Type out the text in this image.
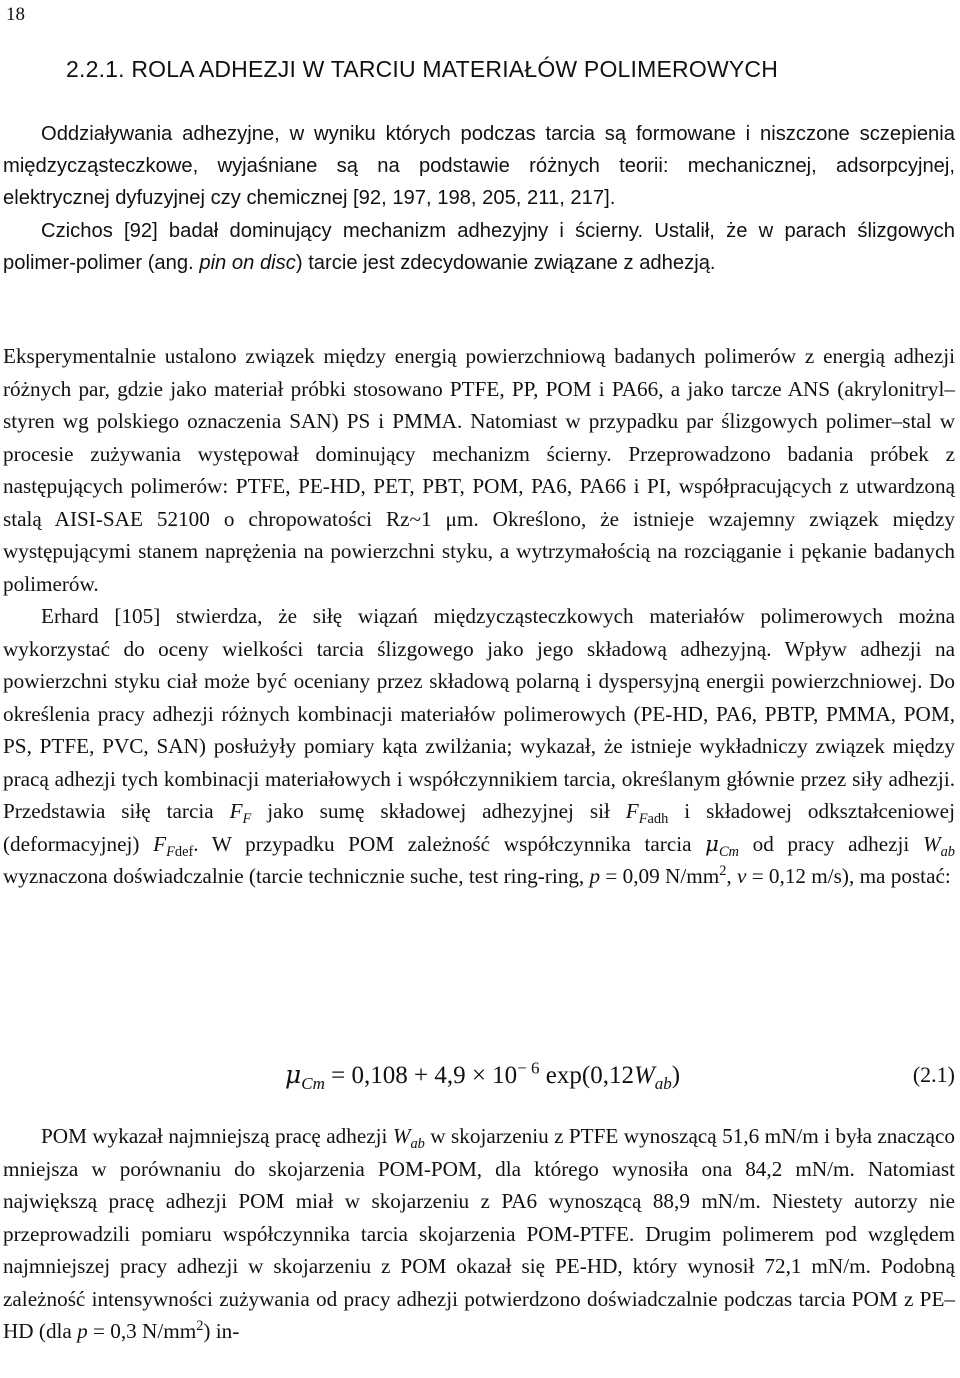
18
2.2.1. ROLA ADHEZJI W TARCIU MATERIAŁÓW POLIMEROWYCH

Oddziaływania adhezyjne, w wyniku których podczas tarcia są formowane i niszczone sczepienia międzycząsteczkowe, wyjaśniane są na podstawie różnych teorii: mechanicznej, adsorpcyjnej, elektrycznej dyfuzyjnej czy chemicznej [92, 197, 198, 205, 211, 217].

Czichos [92] badał dominujący mechanizm adhezyjny i ścierny. Ustalił, że w parach ślizgowych polimer-polimer (ang. pin on disc) tarcie jest zdecydowanie związane z adhezją.

Eksperymentalnie ustalono związek między energią powierzchniową badanych polimerów z energią adhezji różnych par, gdzie jako materiał próbki stosowano PTFE, PP, POM i PA66, a jako tarcze ANS (akrylonitryl–styren wg polskiego oznaczenia SAN) PS i PMMA. Natomiast w przypadku par ślizgowych polimer–stal w procesie zużywania występował dominujący mechanizm ścierny. Przeprowadzono badania próbek z następujących polimerów: PTFE, PE-HD, PET, PBT, POM, PA6, PA66 i PI, współpracujących z utwardzoną stalą AISI-SAE 52100 o chropowatości Rz~1 μm. Określono, że istnieje wzajemny związek między występującymi stanem naprężenia na powierzchni styku, a wytrzymałością na rozciąganie i pękanie badanych polimerów.

Erhard [105] stwierdza, że siłę wiązań międzycząsteczkowych materiałów polimerowych można wykorzystać do oceny wielkości tarcia ślizgowego jako jego składową adhezyjną. Wpływ adhezji na powierzchni styku ciał może być oceniany przez składową polarną i dyspersyjną energii powierzchniowej. Do określenia pracy adhezji różnych kombinacji materiałów polimerowych (PE-HD, PA6, PBTP, PMMA, POM, PS, PTFE, PVC, SAN) posłużyły pomiary kąta zwilżania; wykazał, że istnieje wykładniczy związek między pracą adhezji tych kombinacji materiałowych i współczynnikiem tarcia, określanym głównie przez siły adhezji. Przedstawia siłę tarcia $F_F$ jako sumę składowej adhezyjnej sił $F_{Fadh}$ i składowej odkształceniowej (deformacyjnej) $F_{Fdef}$. W przypadku POM zależność współczynnika tarcia $\mu_{Cm}$ od pracy adhezji $W_{ab}$ wyznaczona doświadczalnie (tarcie technicznie suche, test ring-ring, p = 0,09 $N/mm^2$, v = 0,12 m/s), ma postać:

$\mu_{Cm} = 0,108 + 4,9 \times 10^{- 6}$ $\exp(0,12W_{ab})$	(2.1)

POM wykazał najmniejszą pracę adhezji $W_{ab}$ w skojarzeniu z PTFE wynoszącą 51,6 mN/m i była znacząco mniejsza w porównaniu do skojarzenia POM-POM, dla którego wynosiła ona 84,2 mN/m. Natomiast największą pracę adhezji POM miał w skojarzeniu z PA6 wynoszącą 88,9 mN/m. Niestety autorzy nie przeprowadzili pomiaru współczynnika tarcia skojarzenia POM-PTFE. Drugim polimerem pod względem najmniejszej pracy adhezji w skojarzeniu z POM okazał się PE-HD, który wynosił 72,1 mN/m. Podobną zależność intensywności zużywania od pracy adhezji potwierdzono doświadczalnie podczas tarcia POM z PE–HD (dla p = 0,3 $N/mm^2$) in-
